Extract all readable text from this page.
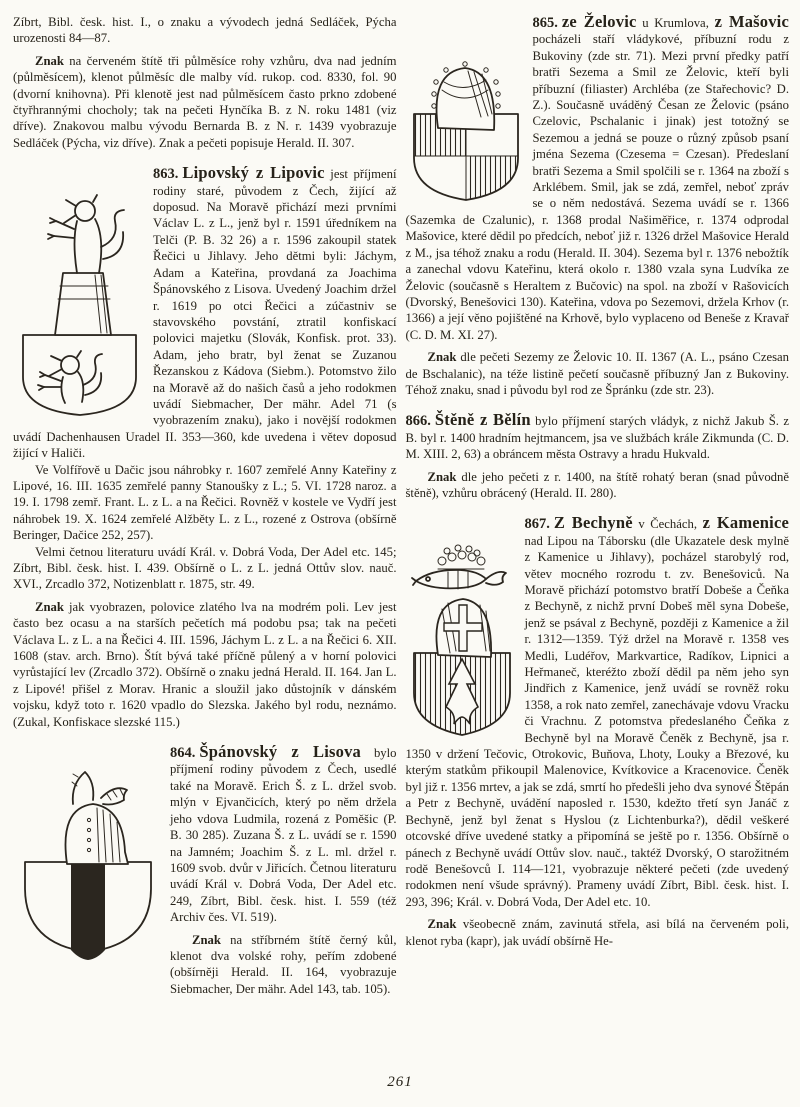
Zíbrt, Bibl. česk. hist. I., o znaku a vývodech jedná Sedláček, Pýcha urozenosti 84—87.

Znak na červeném štítě tři půlměsíce rohy vzhůru, dva nad jedním (půlměsícem), klenot půlměsíc dle malby víd. rukop. cod. 8330, fol. 90 (dvorní knihovna). Při klenotě jest nad půlměsícem často prkno zdobené čtyřhrannými chocholy; tak na pečeti Hynčíka B. z N. roku 1481 (viz dříve). Znakovou malbu vývodu Bernarda B. z N. r. 1439 vyobrazuje Sedláček (Pýcha, viz dříve). Znak a pečeti popisuje Herald. II. 307.

863. Lipovský z Lipovic jest příjmení rodiny staré, původem z Čech, žijící až doposud. Na Moravě přichází mezi prvními Václav L. z L., jenž byl r. 1591 úředníkem na Telči (P. B. 32 26) a r. 1596 zakoupil statek Řečici u Jihlavy. Jeho dětmi byli: Jáchym, Adam a Kateřina, provdaná za Joachima Špánovského z Lisova. Uvedený Joachim držel r. 1619 po otci Řečici a zúčastniv se stavovského povstání, ztratil konfiskací polovici majetku (Slovák, Konfisk. prot. 33). Adam, jeho bratr, byl ženat se Zuzanou Řezanskou z Kádova (Siebm.). Potomstvo žilo na Moravě až do našich časů a jeho rodokmen uvádí Siebmacher, Der mähr. Adel 71 (s vyobrazením znaku), jako i novější rodokmen uvádí Dachenhausen Uradel II. 353—360, kde uvedena i větev doposud žijící v Haliči.

Ve Volfířově u Dačic jsou náhrobky r. 1607 zemřelé Anny Kateřiny z Lipové, 16. III. 1635 zemřelé panny Stanoušky z L.; 5. VI. 1728 naroz. a 19. I. 1798 zemř. Frant. L. z L. a na Řečici. Rovněž v kostele ve Vydří jest náhrobek 19. X. 1624 zemřelé Alžběty L. z L., rozené z Ostrova (obšírně Beringer, Dačice 252, 257).

Velmi četnou literaturu uvádí Král. v. Dobrá Voda, Der Adel etc. 145; Zíbrt, Bibl. česk. hist. I. 439. Obšírně o L. z L. jedná Ottův slov. nauč. XVI., Zrcadlo 372, Notizenblatt r. 1875, str. 49.

Znak jak vyobrazen, polovice zlatého lva na modrém poli. Lev jest často bez ocasu a na starších pečetích má podobu psa; tak na pečeti Václava L. z L. a na Řečici 4. III. 1596, Jáchym L. z L. a na Řečici 6. XII. 1608 (stav. arch. Brno). Štít bývá také příčně půlený a v horní polovici vyrůstající lev (Zrcadlo 372). Obšírně o znaku jedná Herald. II. 164. Jan L. z Lipové! přišel z Morav. Hranic a sloužil jako důstojník v dánském vojsku, když toto r. 1620 vpadlo do Slezska. Jakého byl rodu, neznámo. (Zukal, Konfiskace slezské 115.)

864. Špánovský z Lisova bylo příjmení rodiny původem z Čech, usedlé také na Moravě. Erich Š. z L. držel svob. mlýn v Ejvančicích, který po něm držela jeho vdova Ludmila, rozená z Poměšic (P. B. 30 285). Zuzana Š. z L. uvádí se r. 1590 na Jamném; Joachim Š. z L. ml. držel r. 1609 svob. dvůr v Jiřicích. Četnou literaturu uvádí Král v. Dobrá Voda, Der Adel etc. 249, Zíbrt, Bibl. česk. hist. I. 559 (též Archiv čes. VI. 519).

Znak na stříbrném štítě černý kůl, klenot dva volské rohy, peřím zdobené (obšírněji Herald. II. 164, vyobrazuje Siebmacher, Der mähr. Adel 143, tab. 105).

865. ze Želovic u Krumlova, z Mašovic pocházeli staří vládykové, příbuzní rodu z Bukoviny (zde str. 71). Mezi první předky patří bratři Sezema a Smil ze Želovic, kteří byli příbuzní (filiaster) Archléba (ze Stařechovic? D. Z.). Současně uváděný Česan ze Želovic (psáno Czelovic, Pschalanic i jinak) jest totožný se Sezemou a jedná se pouze o různý způsob psaní jména Sezema (Czesema = Czesan). Předeslaní bratři Sezema a Smil spolčili se r. 1364 na zboží s Arklébem. Smil, jak se zdá, zemřel, neboť zpráv se o něm nedostává. Sezema uvádí se r. 1366 (Sazemka de Czalunic), r. 1368 prodal Našiměřice, r. 1374 odprodal Mašovice, které dědil po předcích, neboť již r. 1326 držel Mašovice Herald z M., jsa téhož znaku a rodu (Herald. II. 304). Sezema byl r. 1376 nebožtík a zanechal vdovu Kateřinu, která okolo r. 1380 vzala syna Ludvíka ze Želovic (současně s Heraltem z Bučovic) na spol. na zboží v Rašovicích (Dvorský, Benešovici 130). Kateřina, vdova po Sezemovi, držela Krhov (r. 1366) a její věno pojištěné na Krhově, bylo vyplaceno od Beneše z Kravař (C. D. M. XI. 27).

Znak dle pečeti Sezemy ze Želovic 10. II. 1367 (A. L., psáno Czesan de Bschalanic), na téže listině pečetí současně příbuzný Jan z Bukoviny. Téhož znaku, snad i původu byl rod ze Špránku (zde str. 23).

866. Štěně z Bělín bylo příjmení starých vládyk, z nichž Jakub Š. z B. byl r. 1400 hradním hejtmancem, jsa ve službách krále Zikmunda (C. D. M. XIII. 2, 63) a obráncem města Ostravy a hradu Hukvald.

Znak dle jeho pečeti z r. 1400, na štítě rohatý beran (snad původně štěně), vzhůru obrácený (Herald. II. 280).

867. Z Bechyně v Čechách, z Kamenice nad Lipou na Táborsku (dle Ukazatele desk mylně z Kamenice u Jihlavy), pocházel starobylý rod, větev mocného rozrodu t. zv. Benešoviců. Na Moravě přichází potomstvo bratří Dobeše a Čeňka z Bechyně, z nichž první Dobeš měl syna Dobeše, jenž se psával z Bechyně, později z Kamenice a žil r. 1312—1359. Týž držel na Moravě r. 1358 ves Medli, Ludéřov, Markvartice, Radíkov, Lipnici a Heřmaneč, kteréžto zboží dědil pa něm jeho syn Jindřich z Kamenice, jenž uvádí se rovněž roku 1358, a rok nato zemřel, zanechávaje vdovu Vracku či Vrachnu. Z potomstva předeslaného Čeňka z Bechyně byl na Moravě Čeněk z Bechyně, jsa r. 1350 v držení Tečovic, Otrokovic, Buňova, Lhoty, Louky a Březové, ku kterým statkům přikoupil Malenovice, Kvítkovice a Kracenovice. Čeněk byl již r. 1356 mrtev, a jak se zdá, smrtí ho předešli jeho dva synové Štěpán a Petr z Bechyně, uvádění naposled r. 1530, kdežto třetí syn Janáč z Bechyně, jenž byl ženat s Hyslou (z Lichtenburka?), dědil veškeré otcovské dříve uvedené statky a připomíná se ještě po r. 1356. Obšírně o pánech z Bechyně uvádí Ottův slov. nauč., taktéž Dvorský, O starožitném rodě Benešovců I. 114—121, vyobrazuje některé pečeti (zde uvedený rodokmen není všude správný). Prameny uvádí Zíbrt, Bibl. česk. hist. I. 293, 396; Král. v. Dobrá Voda, Der Adel etc. 10.

Znak všeobecně znám, zavinutá střela, asi bílá na červeném poli, klenot ryba (kapr), jak uvádí obšírně He-

261
